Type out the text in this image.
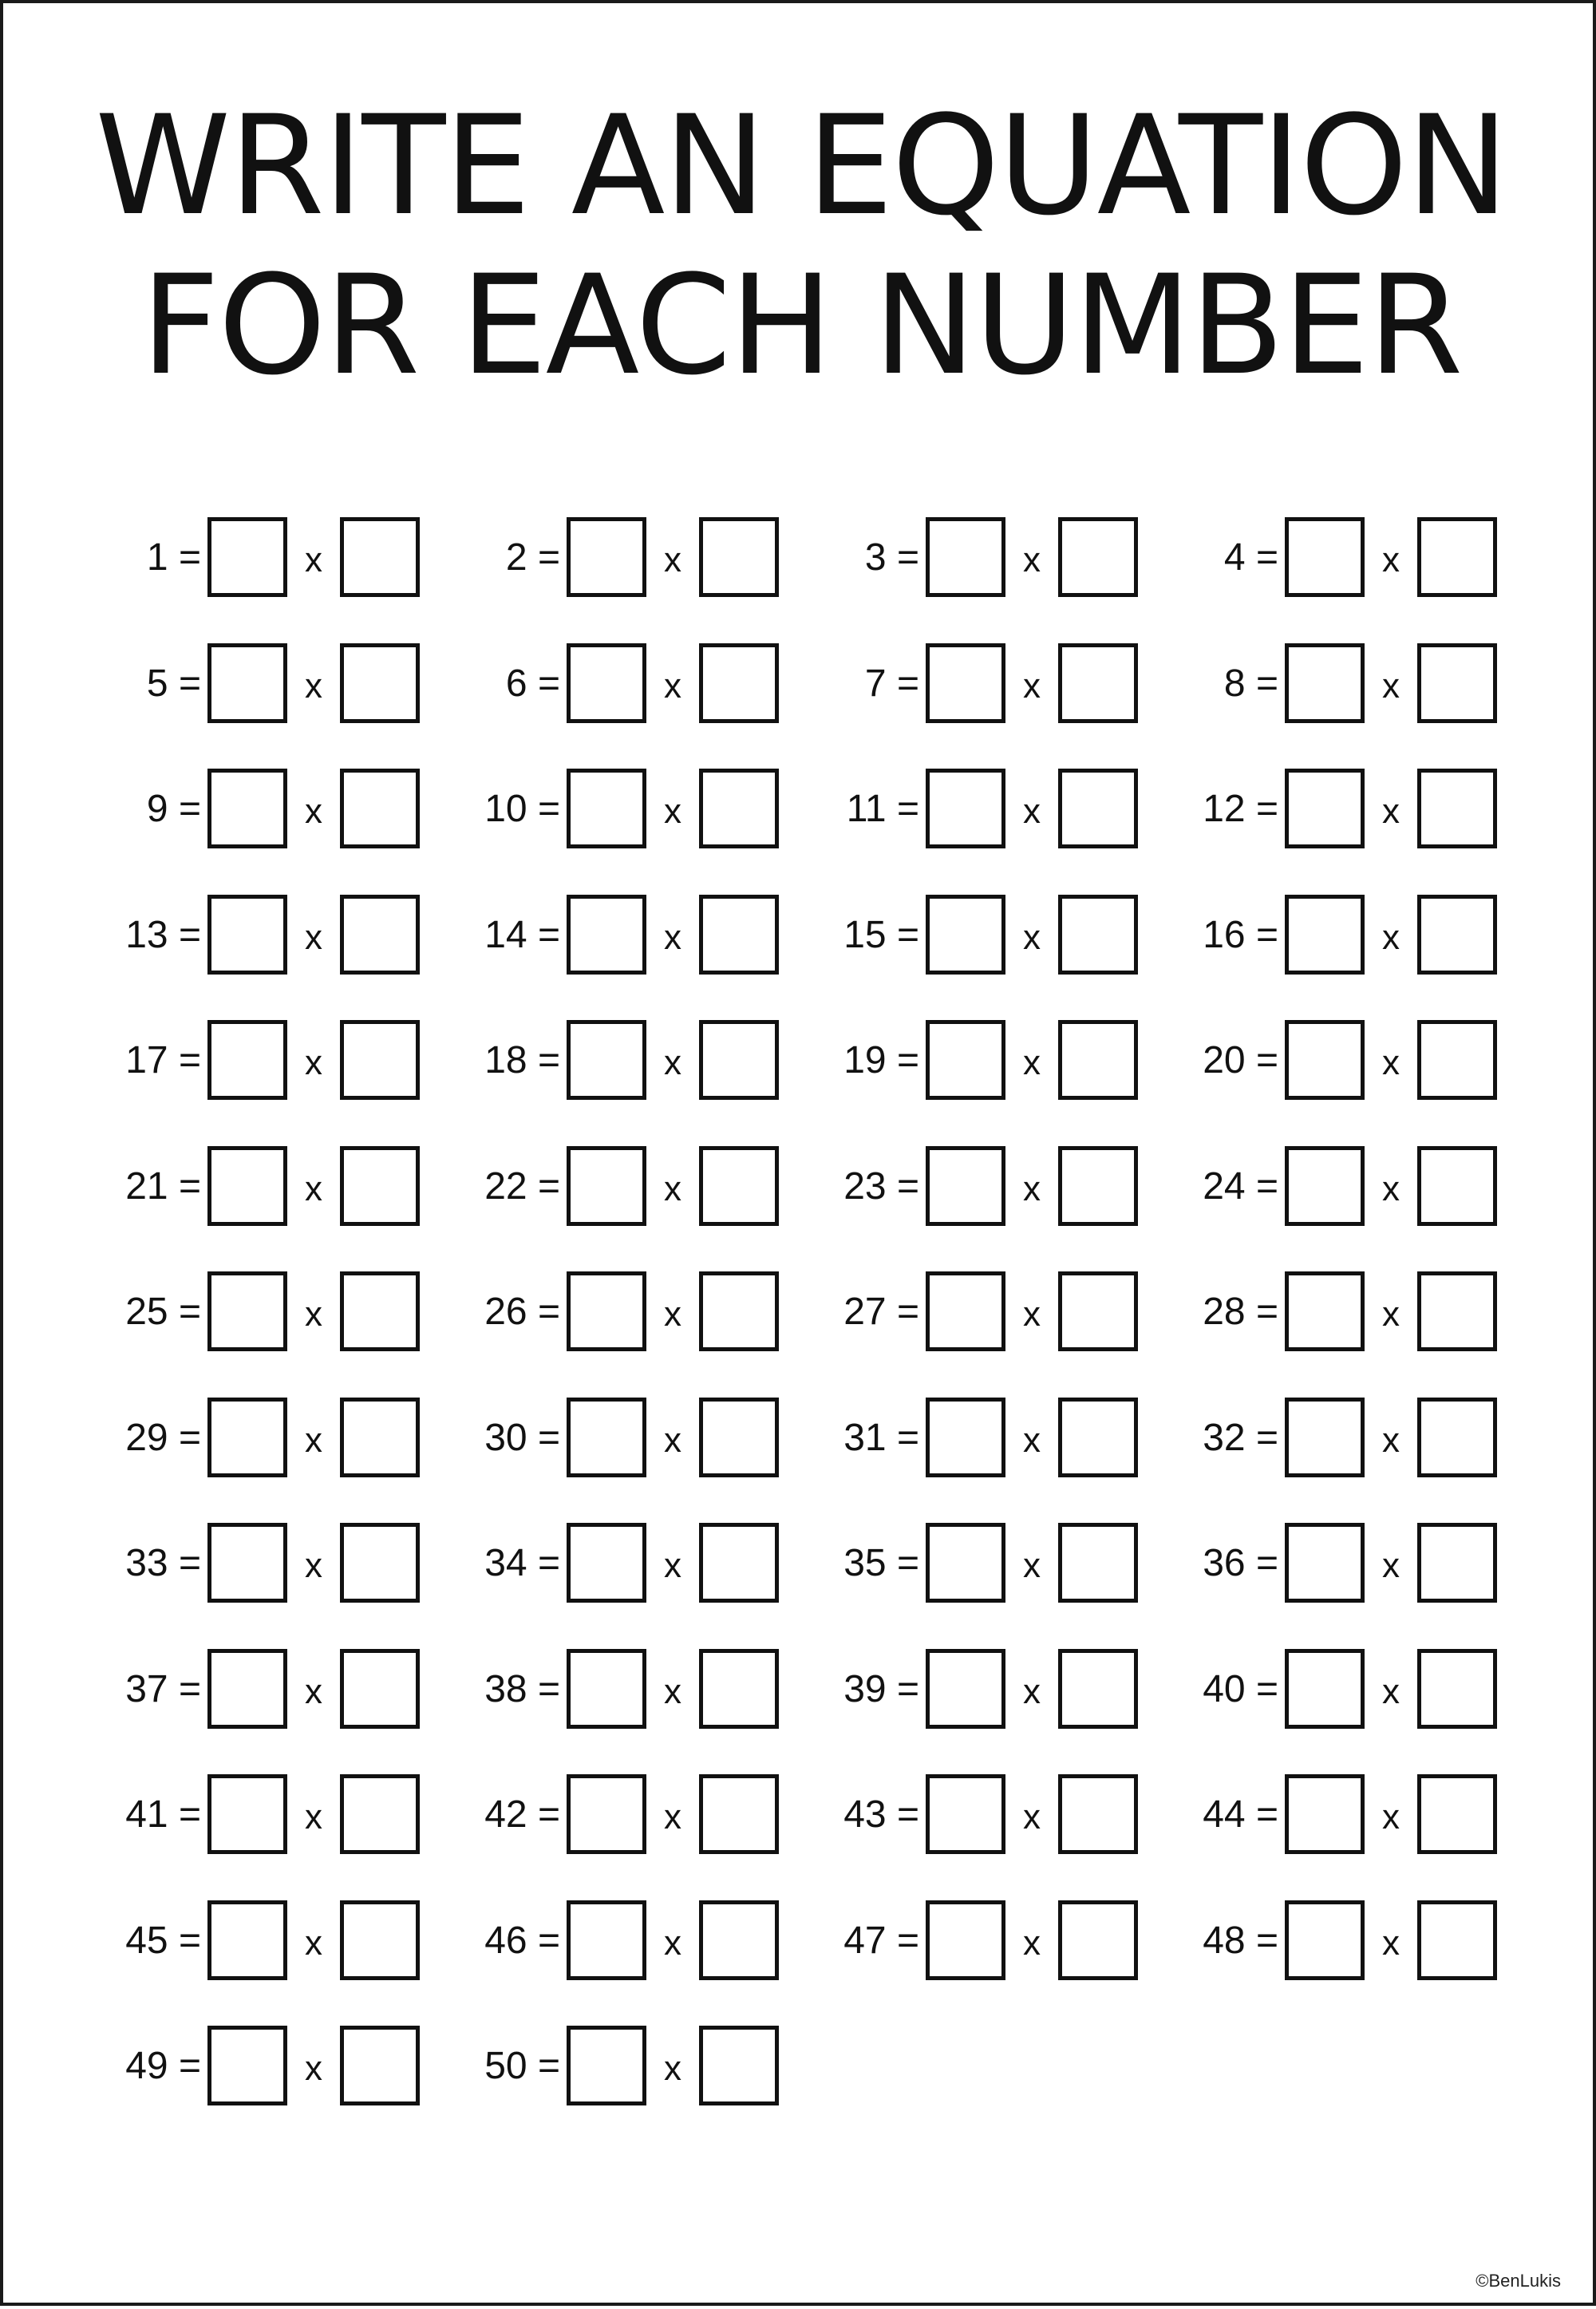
WRITE AN EQUATION
FOR EACH NUMBER
1 =	x	2 =	x	3 =	x	4 =	x
5 =	x	6 =	x	7 =	x	8 =	x
9 =	x	10 =	x	11 =	x	12 =	x
13 =	x	14 =	x	15 =	x	16 =	x
17 =	x	18 =	x	19 =	x	20 =	x
21 =	x	22 =	x	23 =	x	24 =	x
25 =	x	26 =	x	27 =	x	28 =	x
29 =	x	30 =	x	31 =	x	32 =	x
33 =	x	34 =	x	35 =	x	36 =	x
37 =	x	38 =	x	39 =	x	40 =	x
41 =	x	42 =	x	43 =	x	44 =	x
45 =	x	46 =	x	47 =	x	48 =	x
49 =	x	50 =	x
©BenLukis
